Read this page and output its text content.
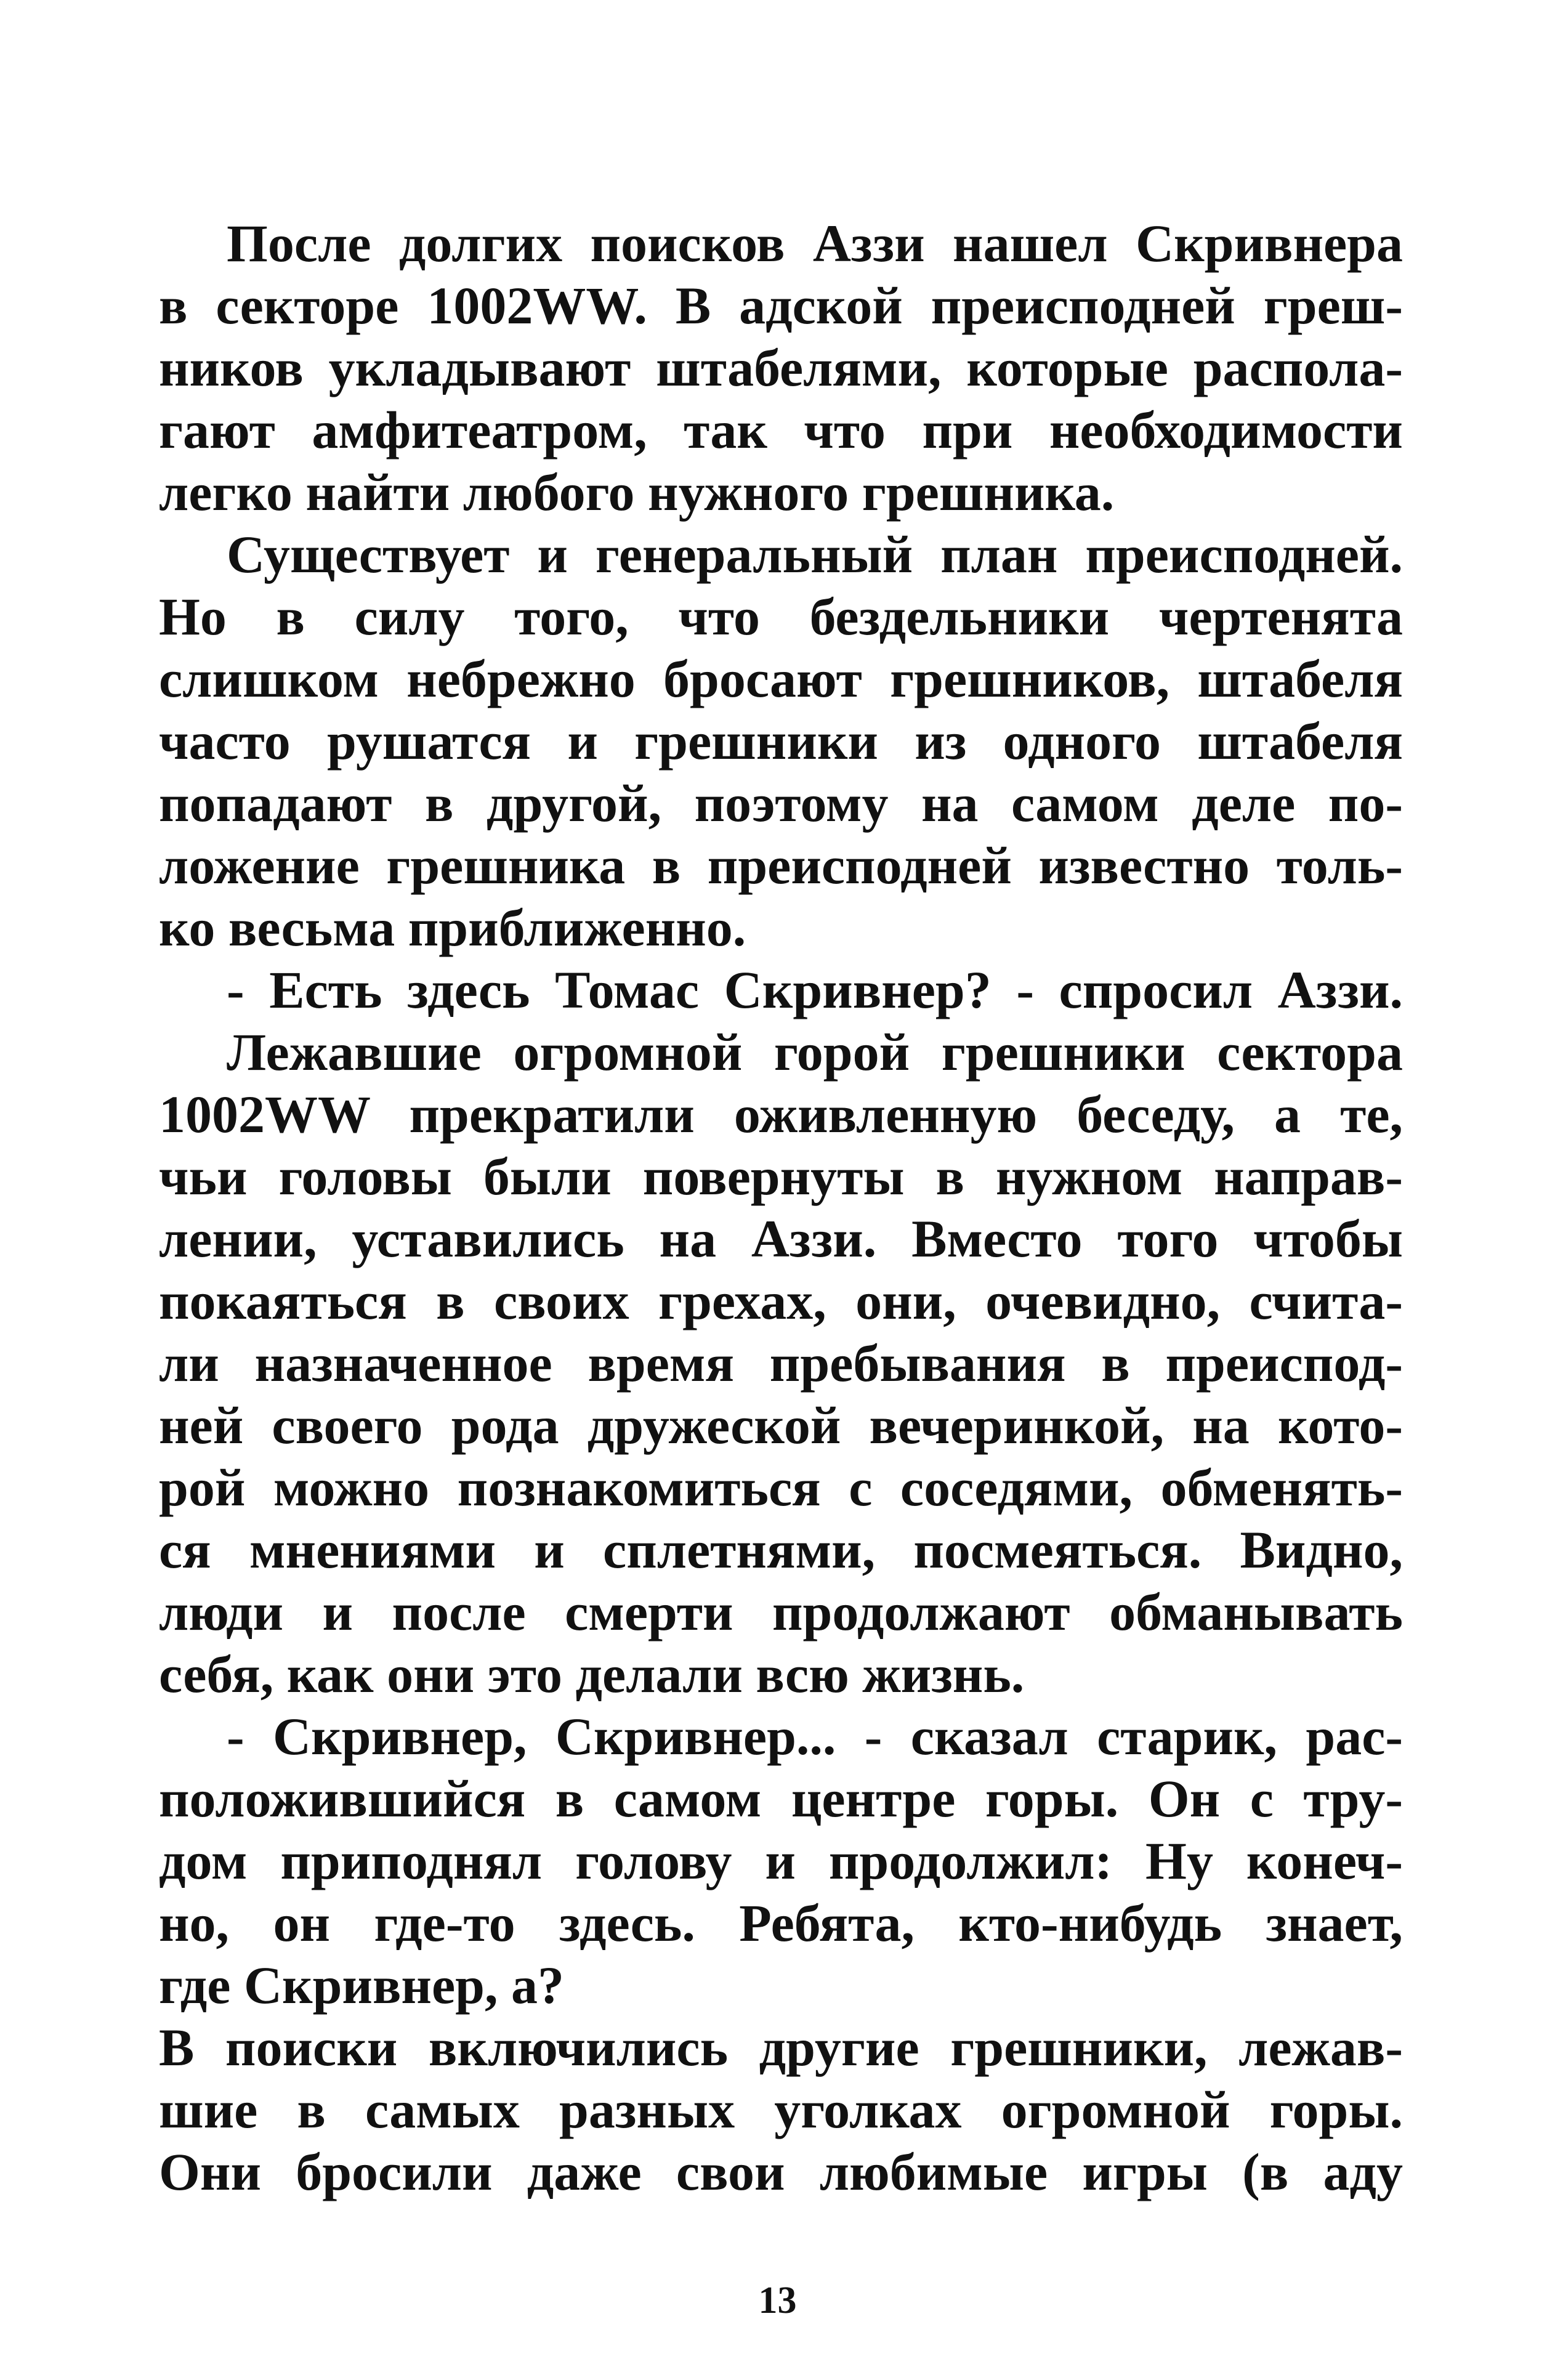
После долгих поисков Аззи нашел Скривнера
в секторе 1002WW. В адской преисподней греш-
ников укладывают штабелями, которые распола-
гают амфитеатром, так что при необходимости
легко найти любого нужного грешника.
Существует и генеральный план преисподней.
Но в силу того, что бездельники чертенята
слишком небрежно бросают грешников, штабеля
часто рушатся и грешники из одного штабеля
попадают в другой, поэтому на самом деле по-
ложение грешника в преисподней известно толь-
ко весьма приближенно.
- Есть здесь Томас Скривнер? - спросил Аззи.
Лежавшие огромной горой грешники сектора
1002WW прекратили оживленную беседу, а те,
чьи головы были повернуты в нужном направ-
лении, уставились на Аззи. Вместо того чтобы
покаяться в своих грехах, они, очевидно, счита-
ли назначенное время пребывания в преиспод-
ней своего рода дружеской вечеринкой, на кото-
рой можно познакомиться с соседями, обменять-
ся мнениями и сплетнями, посмеяться. Видно,
люди и после смерти продолжают обманывать
себя, как они это делали всю жизнь.
- Скривнер, Скривнер... - сказал старик, рас-
положившийся в самом центре горы. Он с тру-
дом приподнял голову и продолжил: Ну конеч-
но, он где-то здесь. Ребята, кто-нибудь знает,
где Скривнер, а?
В поиски включились другие грешники, лежав-
шие в самых разных уголках огромной горы.
Они бросили даже свои любимые игры (в аду
13
